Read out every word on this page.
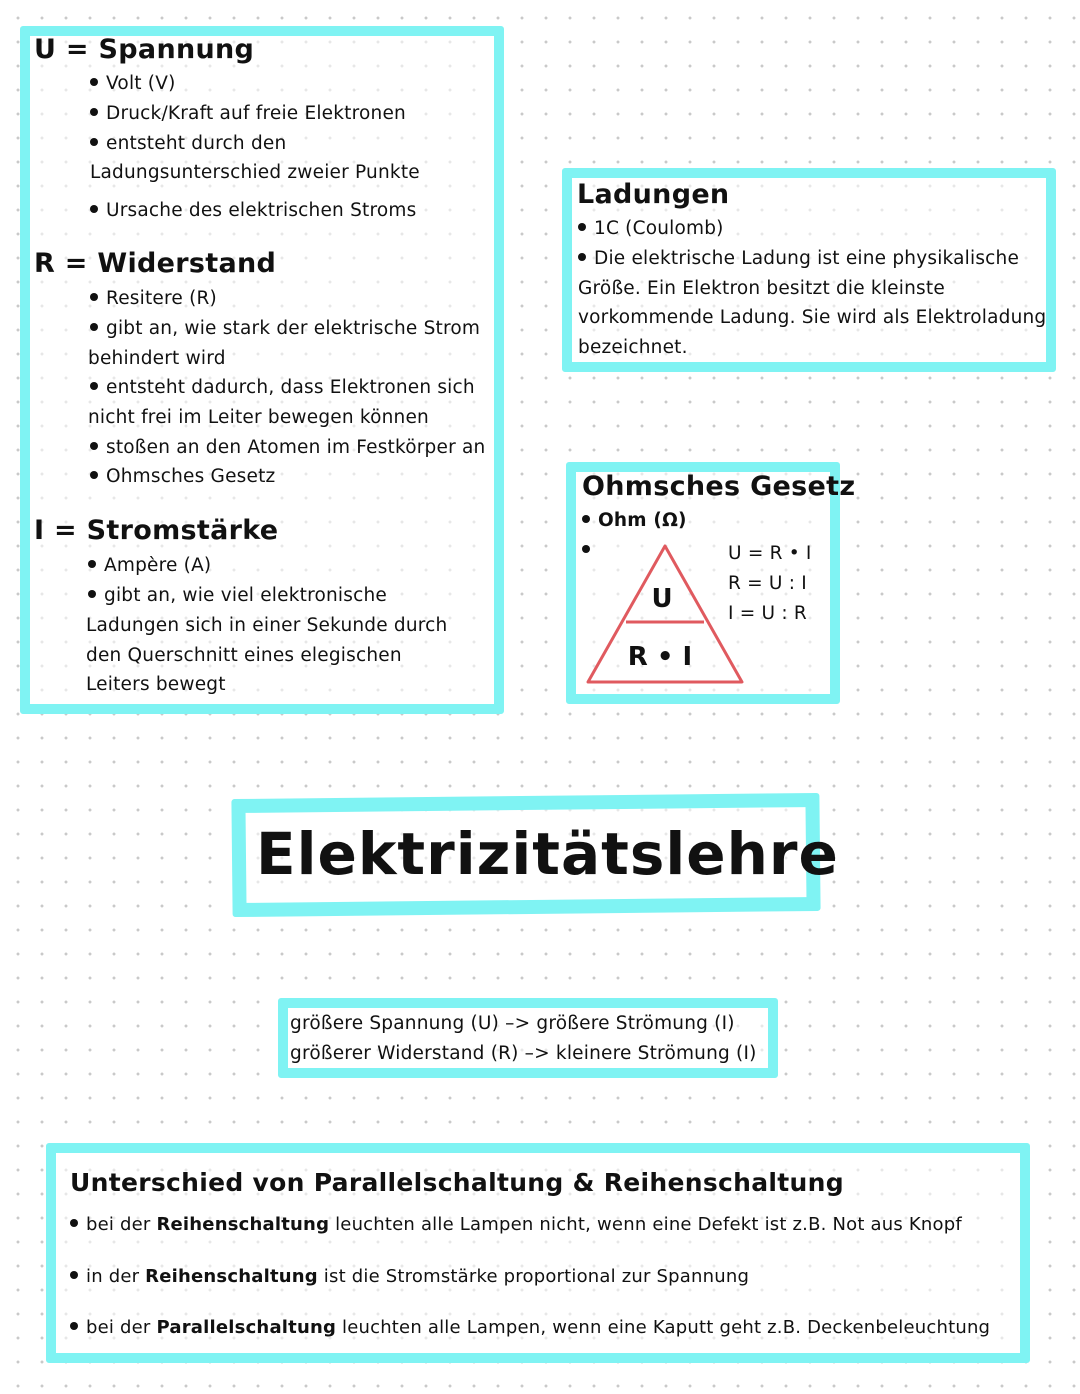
U = Spannung
Volt (V)
Druck/Kraft auf freie Elektronen
entsteht durch den
Ladungsunterschied zweier Punkte
Ursache des elektrischen Stroms
R = Widerstand
Resitere (R)
gibt an, wie stark der elektrische Strom
behindert wird
entsteht dadurch, dass Elektronen sich
nicht frei im Leiter bewegen können
stoßen an den Atomen im Festkörper an
Ohmsches Gesetz
I = Stromstärke
Ampère (A)
gibt an, wie viel elektronische
Ladungen sich in einer Sekunde durch
den Querschnitt eines elegischen
Leiters bewegt
Ladungen
1C (Coulomb)
Die elektrische Ladung ist eine physikalische
Größe. Ein Elektron besitzt die kleinste
vorkommende Ladung. Sie wird als Elektroladung
bezeichnet.
Ohmsches Gesetz
Ohm (Ω)
U
R • I
U = R • I
R = U : I
I = U : R
Elektrizitätslehre
größere Spannung (U) –> größere Strömung (I)
größerer Widerstand (R) –> kleinere Strömung (I)
Unterschied von Parallelschaltung & Reihenschaltung
bei der Reihenschaltung leuchten alle Lampen nicht, wenn eine Defekt ist z.B. Not aus Knopf
in der Reihenschaltung ist die Stromstärke proportional zur Spannung
bei der Parallelschaltung leuchten alle Lampen, wenn eine Kaputt geht z.B. Deckenbeleuchtung
